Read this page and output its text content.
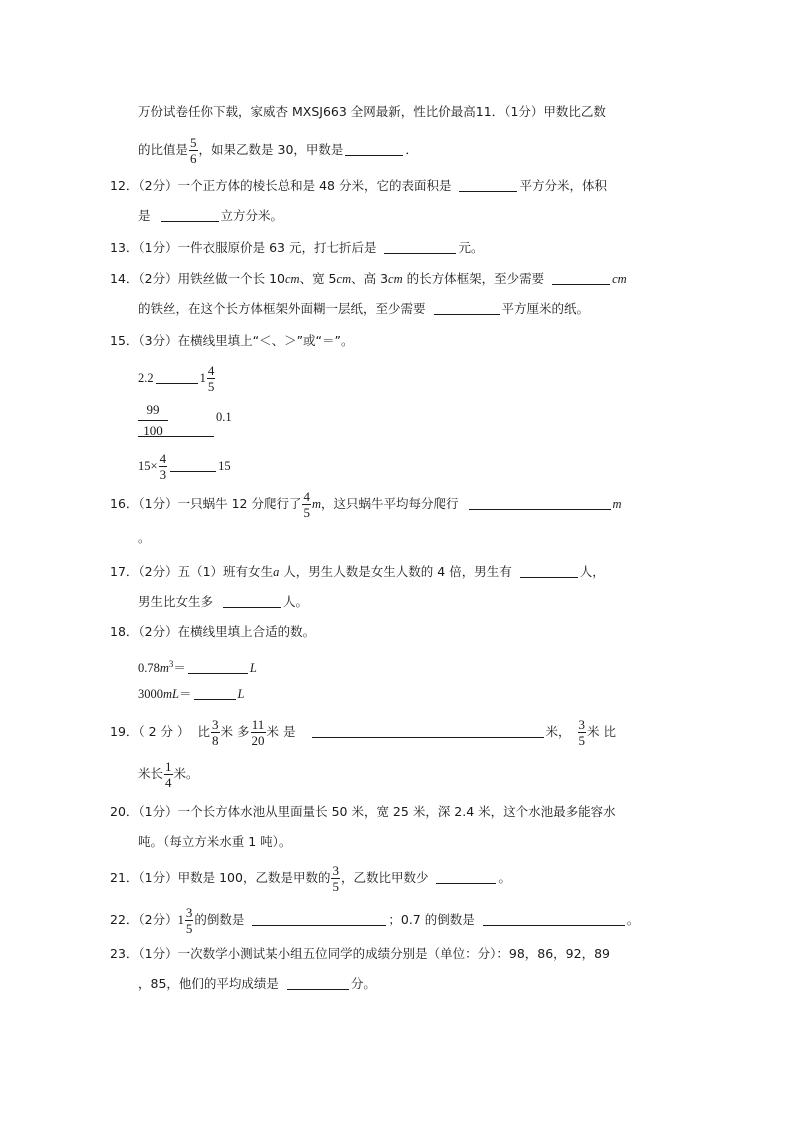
万份试卷任你下载，家威杏 MXSJ663 全网最新，性比价最高11．（1分）甲数比乙数
的比值是 $\frac{5}{6}$ ，如果乙数是 30，甲数是	．
12．（2分）一个正方体的棱长总和是 48 分米，它的表面积是	平方分米，体积
是	立方分米。
13．（1分）一件衣服原价是 63 元，打七折后是	元。
14．（2分）用铁丝做一个长 10cm、宽 5cm、高 3cm 的长方体框架，至少需要	cm
的铁丝，在这个长方体框架外面糊一层纸，至少需要	平方厘米的纸。
15．（3分）在横线里填上“＜、＞”或“＝”。
2.2	$1 \frac{4}{5}$
$\frac{99}{100}$	0.1
$15\times \frac{4}{3}$	15
16．（1分）一只蜗牛 12 分爬行了 $\frac{4}{5}$ m，这只蜗牛平均每分爬行	m
。
17．（2分）五（1）班有女生a 人，男生人数是女生人数的 4 倍，男生有	人，
男生比女生多	人。
18．（2分）在横线里填上合适的数。
$0.78m^3=$	L
3000mL＝	L
19．（ 2 分 ） 比 $\frac{3}{8}$ 米 多 $\frac{11}{20}$ 米 是	米， $\frac{3}{5}$ 米 比
米长 $\frac{1}{4}$ 米。
20．（1分）一个长方体水池从里面量长 50 米，宽 25 米，深 2.4 米，这个水池最多能容水
吨。（每立方米水重 1 吨）。
21．（1分）甲数是 100，乙数是甲数的 $\frac{3}{5}$ ，乙数比甲数少	。
22．（2分）$1 \frac{3}{5}$ 的倒数是	；0.7 的倒数是	。
23．（1分）一次数学小测试某小组五位同学的成绩分别是（单位：分）：98，86，92，89
，85，他们的平均成绩是	分。
